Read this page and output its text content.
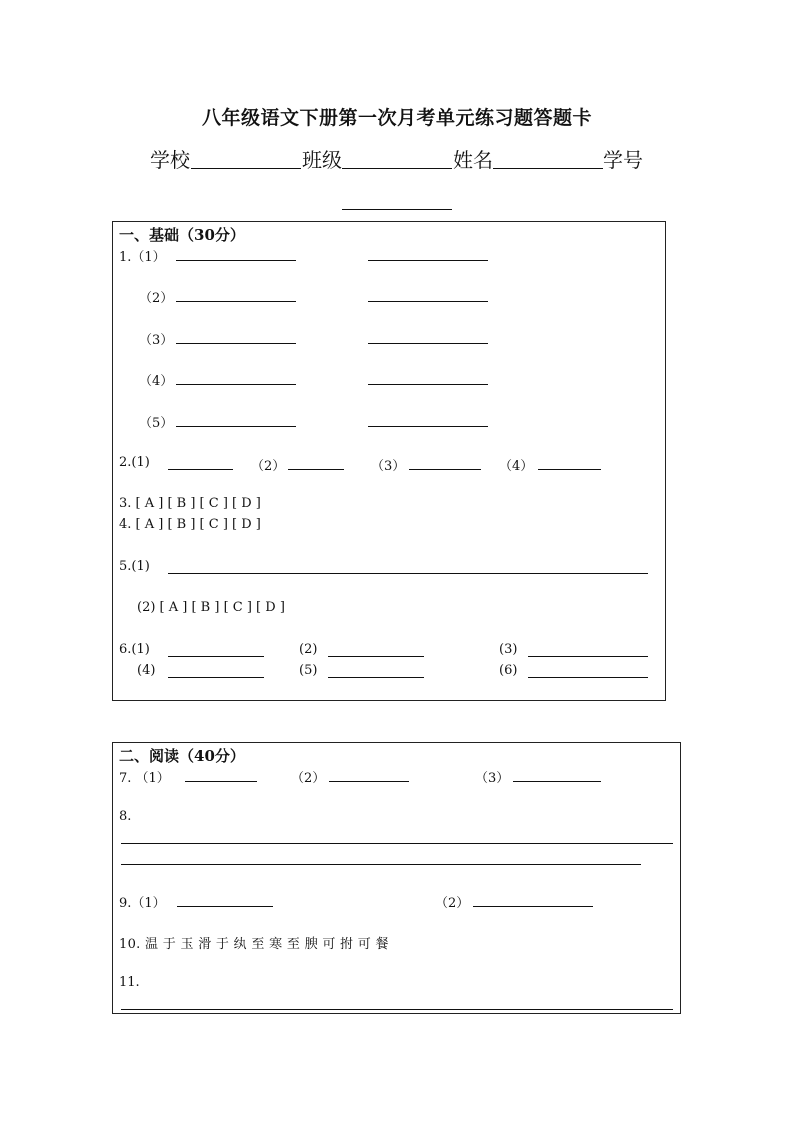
八年级语文下册第一次月考单元练习题答题卡
学校	班级	姓名	学号
一、基础（30分）
1.（1）
（2）
（3）
（4）
（5）
2.(1)	（2）	（3）	（4）
3. [ A ] [ B ] [ C ] [ D ]
4. [ A ] [ B ] [ C ] [ D ]
5.(1)
(2) [ A ] [ B ] [ C ] [ D ]
6.(1)	(2)	(3)
(4)	(5)	(6)
二、阅读（40分）
7. （1）	（2）	（3）
8.
9.（1）	（2）
10. 温 于 玉 滑 于 纨 至 寒 至 腴 可 拊 可 餐
11.
